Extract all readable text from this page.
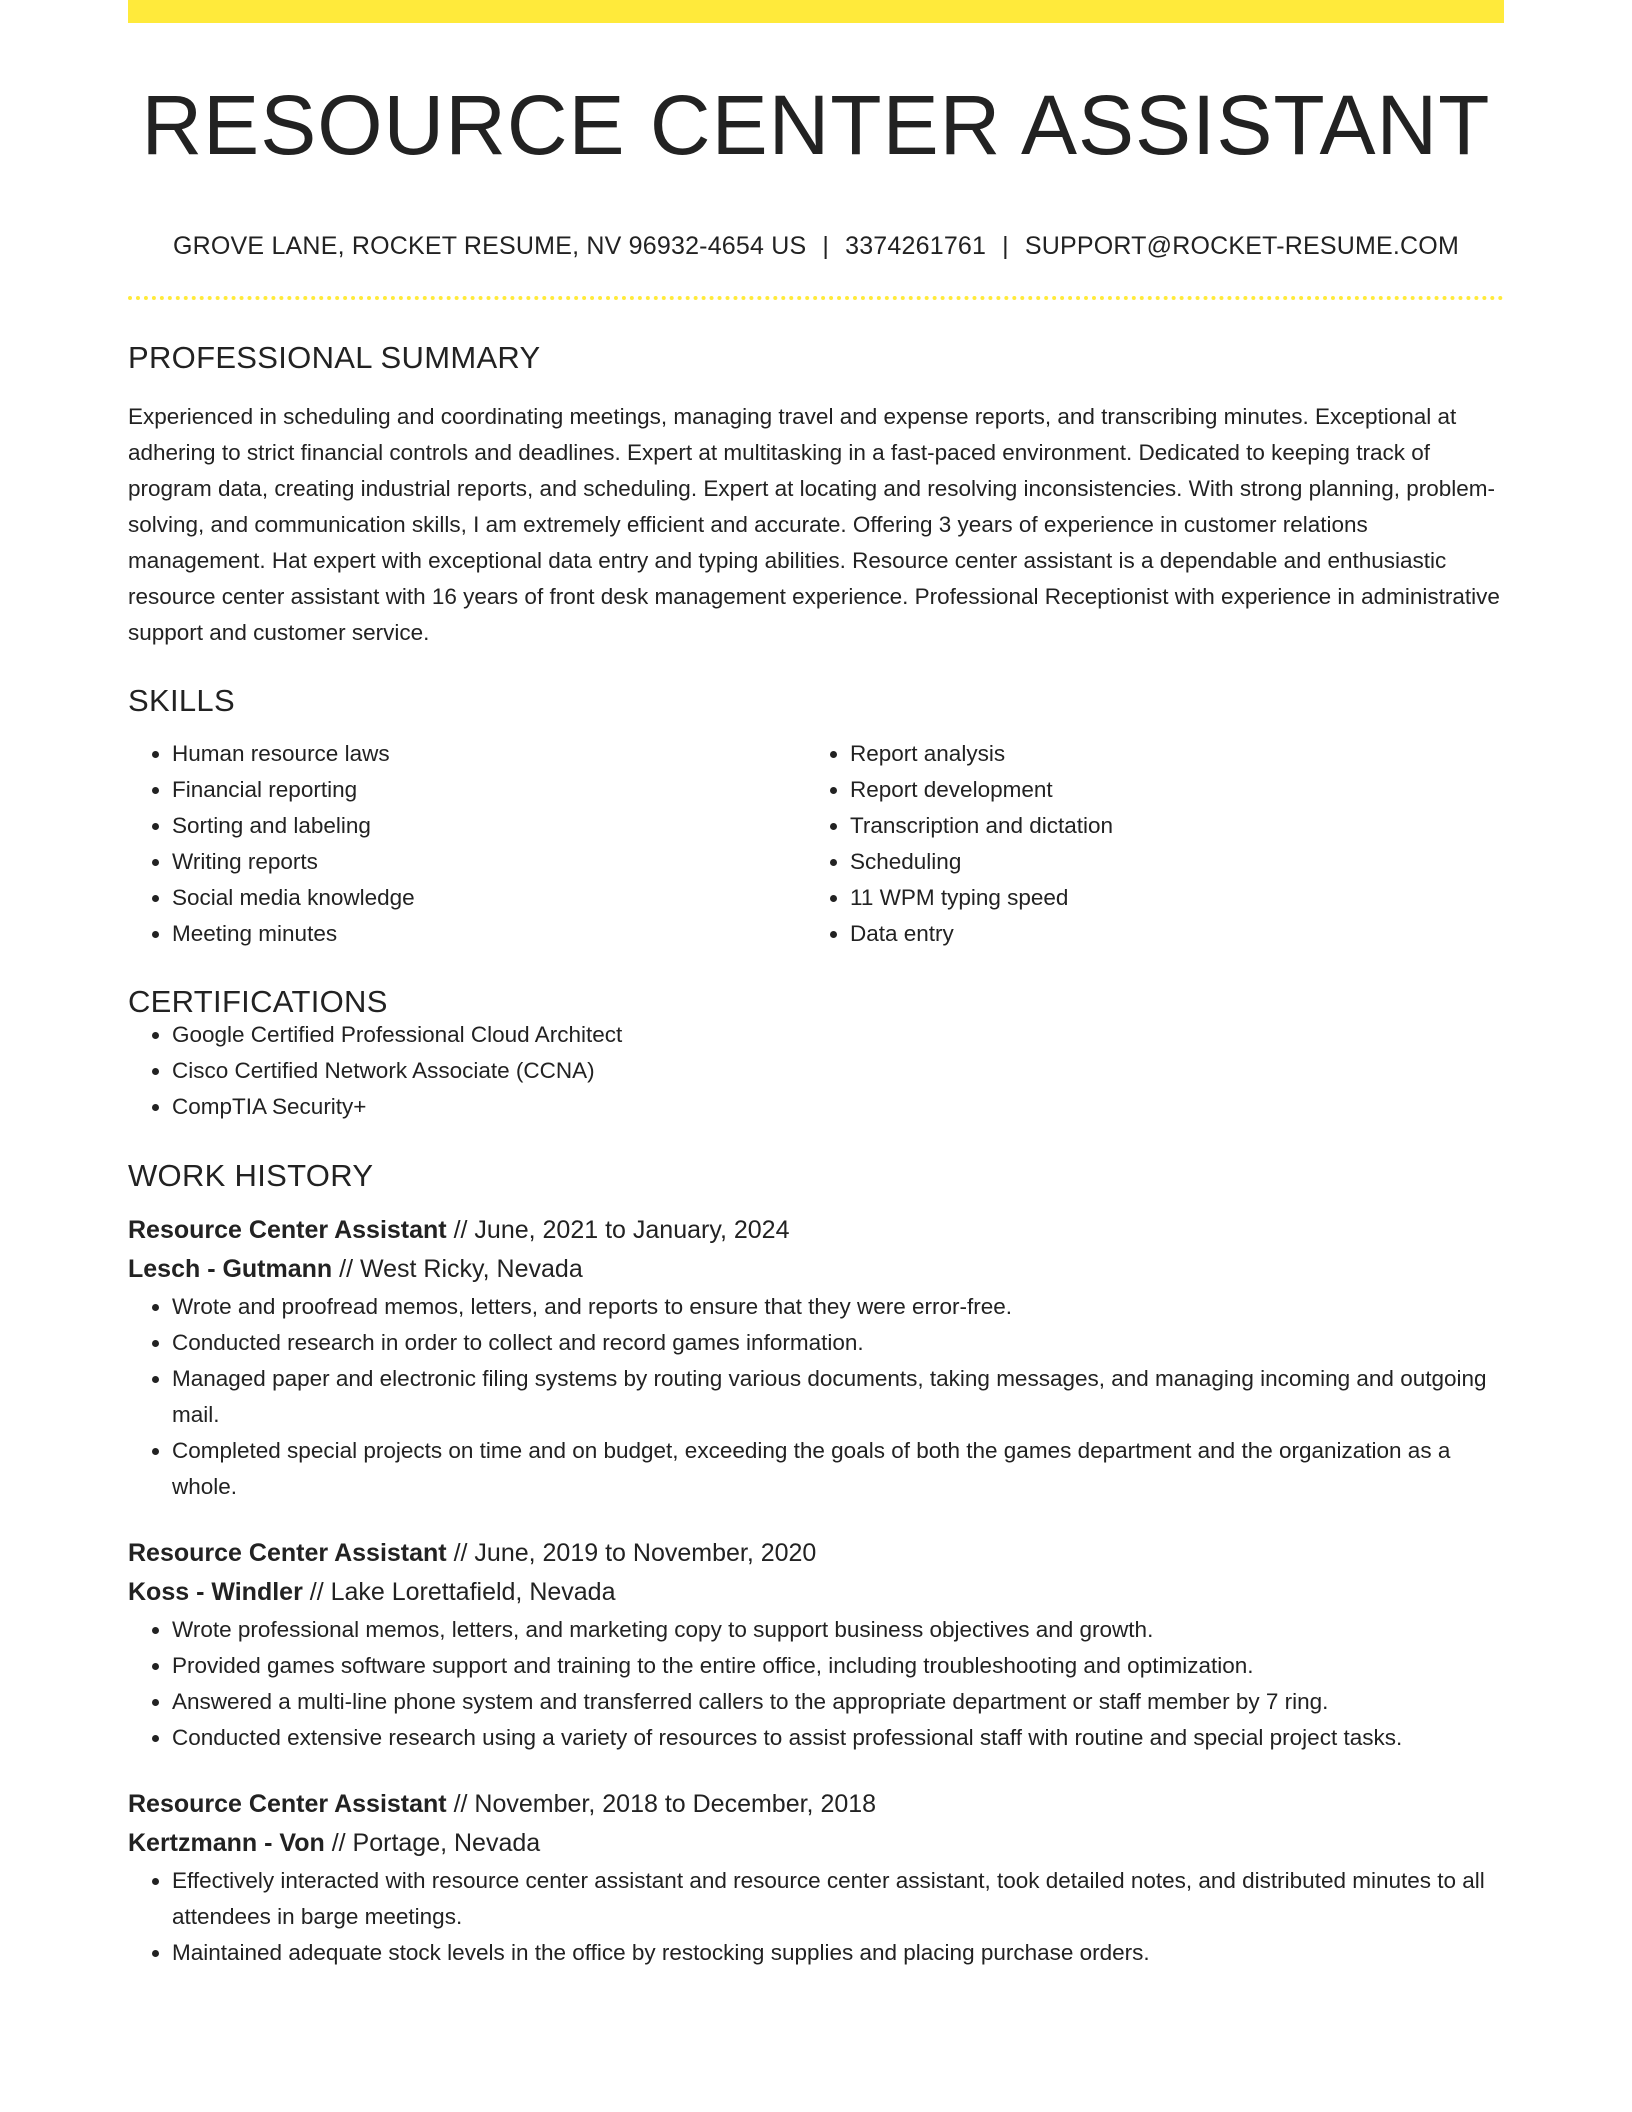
RESOURCE CENTER ASSISTANT
GROVE LANE, ROCKET RESUME, NV 96932-4654 US | 3374261761 | SUPPORT@ROCKET-RESUME.COM
PROFESSIONAL SUMMARY

Experienced in scheduling and coordinating meetings, managing travel and expense reports, and transcribing minutes. Exceptional at adhering to strict financial controls and deadlines. Expert at multitasking in a fast-paced environment. Dedicated to keeping track of program data, creating industrial reports, and scheduling. Expert at locating and resolving inconsistencies. With strong planning, problem-solving, and communication skills, I am extremely efficient and accurate. Offering 3 years of experience in customer relations management. Hat expert with exceptional data entry and typing abilities. Resource center assistant is a dependable and enthusiastic resource center assistant with 16 years of front desk management experience. Professional Receptionist with experience in administrative support and customer service.

SKILLS
• Human resource laws
• Financial reporting
• Sorting and labeling
• Writing reports
• Social media knowledge
• Meeting minutes
• Report analysis
• Report development
• Transcription and dictation
• Scheduling
• 11 WPM typing speed
• Data entry
CERTIFICATIONS
• Google Certified Professional Cloud Architect
• Cisco Certified Network Associate (CCNA)
• CompTIA Security+
WORK HISTORY
Resource Center Assistant // June, 2021 to January, 2024
Lesch - Gutmann // West Ricky, Nevada
• Wrote and proofread memos, letters, and reports to ensure that they were error-free.
• Conducted research in order to collect and record games information.
• Managed paper and electronic filing systems by routing various documents, taking messages, and managing incoming and outgoing mail.
• Completed special projects on time and on budget, exceeding the goals of both the games department and the organization as a whole.
Resource Center Assistant // June, 2019 to November, 2020
Koss - Windler // Lake Lorettafield, Nevada
• Wrote professional memos, letters, and marketing copy to support business objectives and growth.
• Provided games software support and training to the entire office, including troubleshooting and optimization.
• Answered a multi-line phone system and transferred callers to the appropriate department or staff member by 7 ring.
• Conducted extensive research using a variety of resources to assist professional staff with routine and special project tasks.
Resource Center Assistant // November, 2018 to December, 2018
Kertzmann - Von // Portage, Nevada
• Effectively interacted with resource center assistant and resource center assistant, took detailed notes, and distributed minutes to all attendees in barge meetings.
• Maintained adequate stock levels in the office by restocking supplies and placing purchase orders.
